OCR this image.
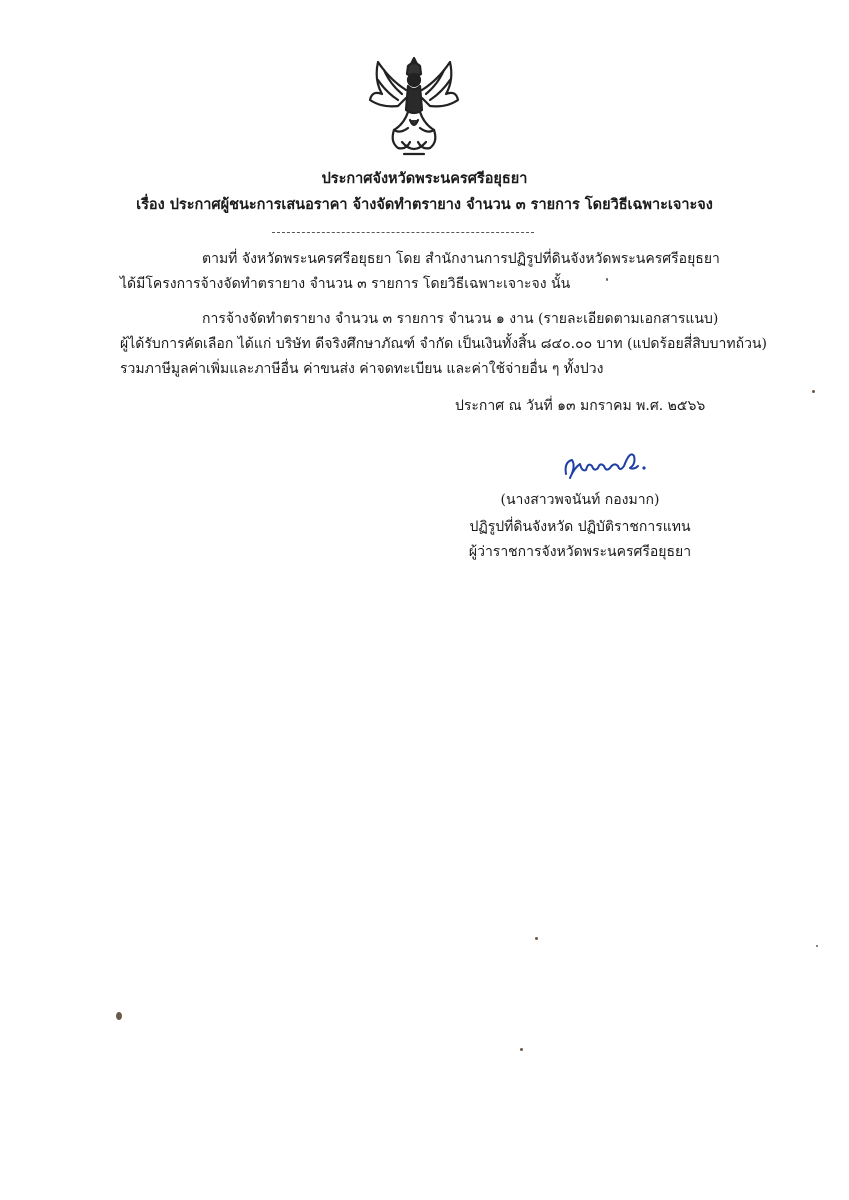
ประกาศจังหวัดพระนครศรีอยุธยา
เรื่อง ประกาศผู้ชนะการเสนอราคา จ้างจัดทำตรายาง จำนวน ๓ รายการ โดยวิธีเฉพาะเจาะจง
ตามที่ จังหวัดพระนครศรีอยุธยา โดย สำนักงานการปฏิรูปที่ดินจังหวัดพระนครศรีอยุธยา
ได้มีโครงการจ้างจัดทำตรายาง จำนวน ๓ รายการ โดยวิธีเฉพาะเจาะจง นั้น
การจ้างจัดทำตรายาง จำนวน ๓ รายการ จำนวน ๑ งาน (รายละเอียดตามเอกสารแนบ)
ผู้ได้รับการคัดเลือก ได้แก่ บริษัท ดีจริงศึกษาภัณฑ์ จำกัด เป็นเงินทั้งสิ้น ๘๔๐.๐๐ บาท (แปดร้อยสี่สิบบาทถ้วน)
รวมภาษีมูลค่าเพิ่มและภาษีอื่น ค่าขนส่ง ค่าจดทะเบียน และค่าใช้จ่ายอื่น ๆ ทั้งปวง
ประกาศ ณ วันที่ ๑๓ มกราคม พ.ศ. ๒๕๖๖
(นางสาวพจนันท์ กองมาก)
ปฏิรูปที่ดินจังหวัด ปฏิบัติราชการแทน
ผู้ว่าราชการจังหวัดพระนครศรีอยุธยา
